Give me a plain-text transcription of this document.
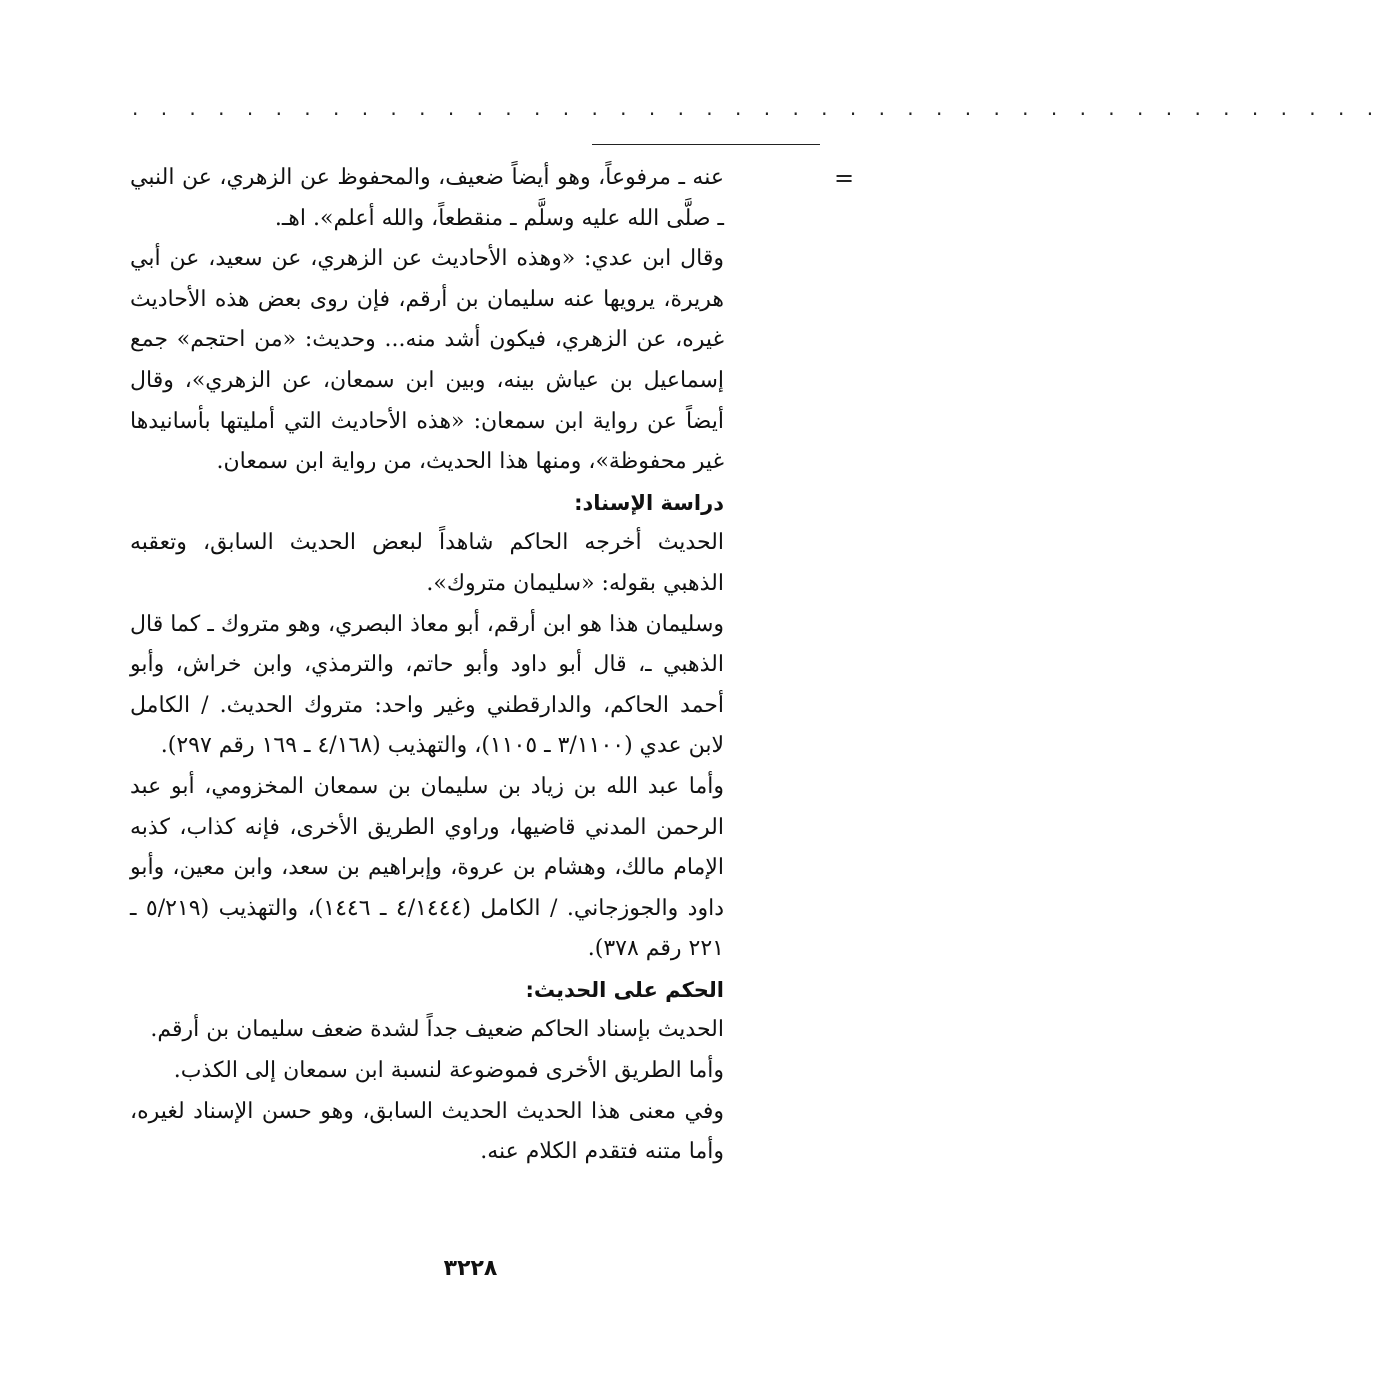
. . . . . . . . . . . . . . . . . . . . . . . . . . . . . . . . . . . . . . . . . . . .
=

عنه ـ مرفوعاً، وهو أيضاً ضعيف، والمحفوظ عن الزهري، عن النبي ـ صلَّى الله عليه وسلَّم ـ منقطعاً، والله أعلم». اهـ.

وقال ابن عدي: «وهذه الأحاديث عن الزهري، عن سعيد، عن أبي هريرة، يرويها عنه سليمان بن أرقم، فإن روى بعض هذه الأحاديث غيره، عن الزهري، فيكون أشد منه... وحديث: «من احتجم» جمع إسماعيل بن عياش بينه، وبين ابن سمعان، عن الزهري»، وقال أيضاً عن رواية ابن سمعان: «هذه الأحاديث التي أمليتها بأسانيدها غير محفوظة»، ومنها هذا الحديث، من رواية ابن سمعان.

دراسة الإسناد:

الحديث أخرجه الحاكم شاهداً لبعض الحديث السابق، وتعقبه الذهبي بقوله: «سليمان متروك».

وسليمان هذا هو ابن أرقم، أبو معاذ البصري، وهو متروك ـ كما قال الذهبي ـ، قال أبو داود وأبو حاتم، والترمذي، وابن خراش، وأبو أحمد الحاكم، والدارقطني وغير واحد: متروك الحديث. / الكامل لابن عدي (٣/١١٠٠ ـ ١١٠٥)، والتهذيب (٤/١٦٨ ـ ١٦٩ رقم ٢٩٧).

وأما عبد الله بن زياد بن سليمان بن سمعان المخزومي، أبو عبد الرحمن المدني قاضيها، وراوي الطريق الأخرى، فإنه كذاب، كذبه الإمام مالك، وهشام بن عروة، وإبراهيم بن سعد، وابن معين، وأبو داود والجوزجاني. / الكامل (٤/١٤٤٤ ـ ١٤٤٦)، والتهذيب (٥/٢١٩ ـ ٢٢١ رقم ٣٧٨).

الحكم على الحديث:

الحديث بإسناد الحاكم ضعيف جداً لشدة ضعف سليمان بن أرقم.

وأما الطريق الأخرى فموضوعة لنسبة ابن سمعان إلى الكذب.

وفي معنى هذا الحديث الحديث السابق، وهو حسن الإسناد لغيره، وأما متنه فتقدم الكلام عنه.

٣٢٢٨
